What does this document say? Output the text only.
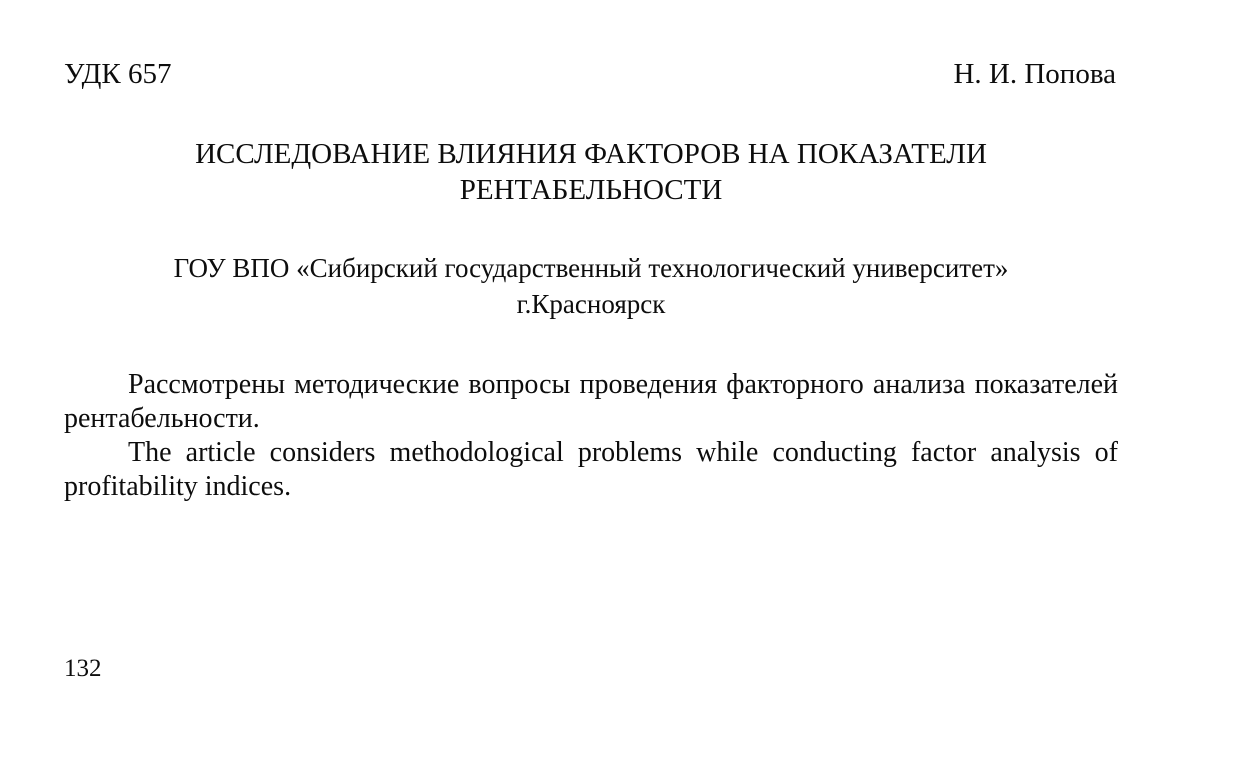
УДК 657	Н. И. Попова
ИССЛЕДОВАНИЕ ВЛИЯНИЯ ФАКТОРОВ НА ПОКАЗАТЕЛИ
РЕНТАБЕЛЬНОСТИ
ГОУ ВПО «Сибирский государственный технологический университет»
г.Красноярск

Рассмотрены методические вопросы проведения факторного анализа показателей рентабельности.

The article considers methodological problems while conducting factor analysis of profitability indices.

132
